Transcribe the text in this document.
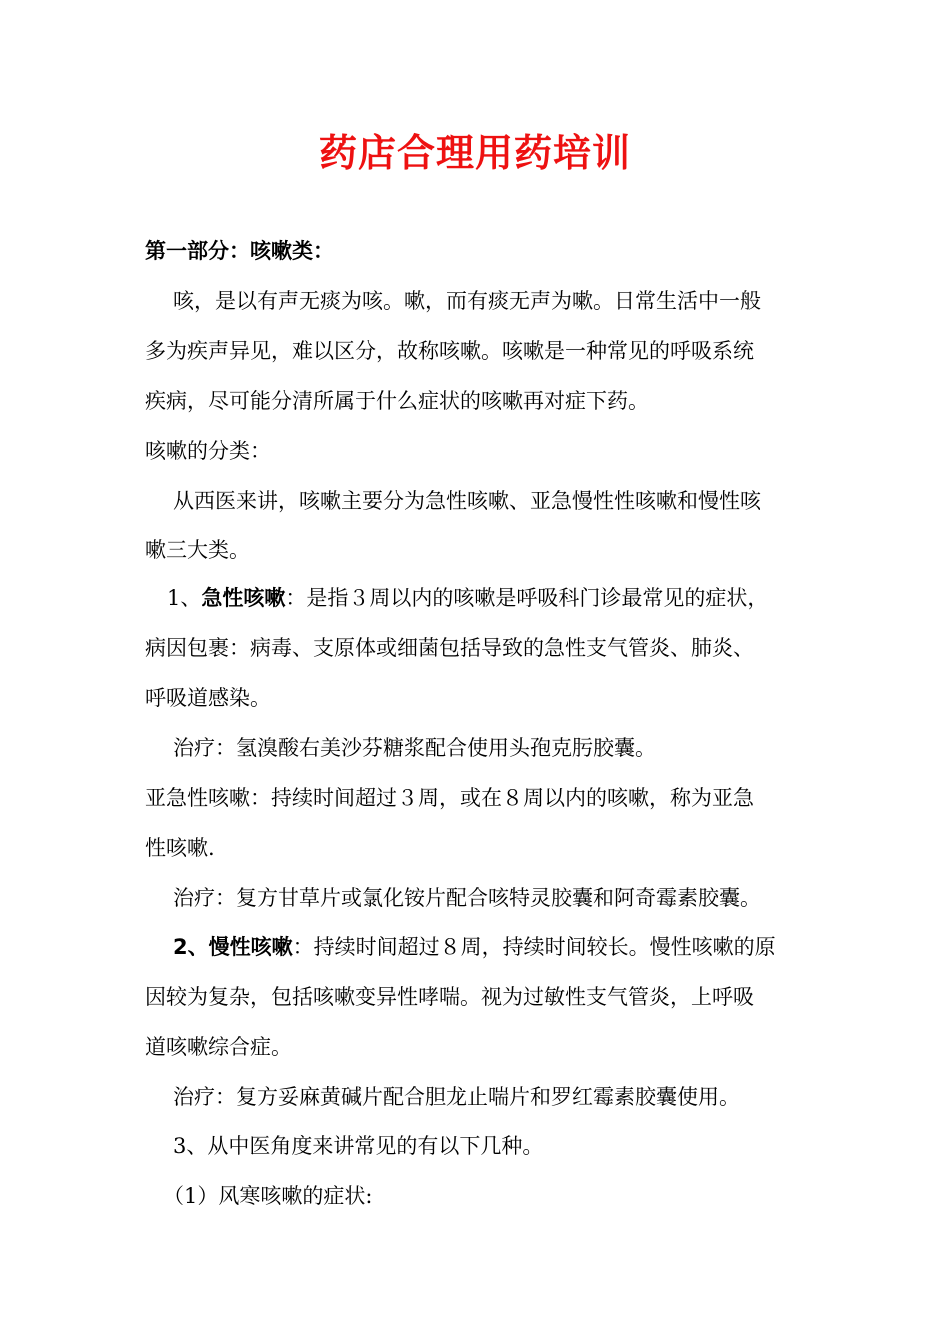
药店合理用药培训
第一部分：咳嗽类：
咳，是以有声无痰为咳。嗽，而有痰无声为嗽。日常生活中一般
多为疾声异见，难以区分，故称咳嗽。咳嗽是一种常见的呼吸系统
疾病，尽可能分清所属于什么症状的咳嗽再对症下药。
咳嗽的分类：
从西医来讲，咳嗽主要分为急性咳嗽、亚急慢性性咳嗽和慢性咳
嗽三大类。
1、急性咳嗽：是指３周以内的咳嗽是呼吸科门诊最常见的症状，
病因包裹：病毒、支原体或细菌包括导致的急性支气管炎、肺炎、
呼吸道感染。
治疗：氢溴酸右美沙芬糖浆配合使用头孢克肟胶囊。
亚急性咳嗽：持续时间超过３周，或在８周以内的咳嗽，称为亚急
性咳嗽.
治疗：复方甘草片或氯化铵片配合咳特灵胶囊和阿奇霉素胶囊。
2、慢性咳嗽：持续时间超过８周，持续时间较长。慢性咳嗽的原
因较为复杂，包括咳嗽变异性哮喘。视为过敏性支气管炎，上呼吸
道咳嗽综合症。
治疗：复方妥麻黄碱片配合胆龙止喘片和罗红霉素胶囊使用。
3、从中医角度来讲常见的有以下几种。
（1）风寒咳嗽的症状:
